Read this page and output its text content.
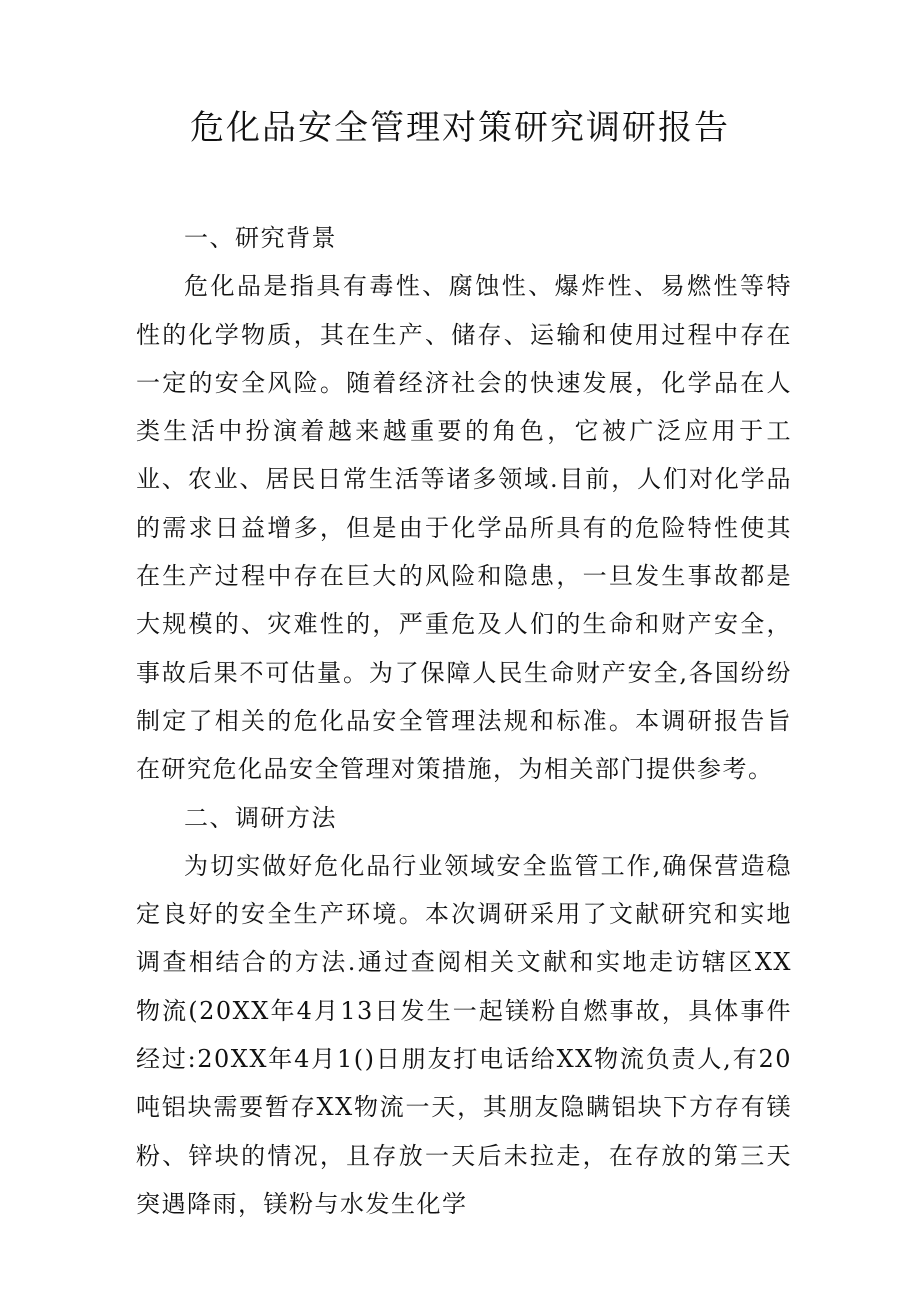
危化品安全管理对策研究调研报告
一、研究背景

危化品是指具有毒性、腐蚀性、爆炸性、易燃性等特性的化学物质，其在生产、储存、运输和使用过程中存在一定的安全风险。随着经济社会的快速发展，化学品在人类生活中扮演着越来越重要的角色，它被广泛应用于工业、农业、居民日常生活等诸多领域.目前，人们对化学品的需求日益增多，但是由于化学品所具有的危险特性使其在生产过程中存在巨大的风险和隐患，一旦发生事故都是大规模的、灾难性的，严重危及人们的生命和财产安全，事故后果不可估量。为了保障人民生命财产安全,各国纷纷制定了相关的危化品安全管理法规和标准。本调研报告旨在研究危化品安全管理对策措施，为相关部门提供参考。

二、调研方法

为切实做好危化品行业领域安全监管工作,确保营造稳定良好的安全生产环境。本次调研采用了文献研究和实地调查相结合的方法.通过查阅相关文献和实地走访辖区XX物流(20XX年4月13日发生一起镁粉自燃事故，具体事件经过:20XX年4月1()日朋友打电话给XX物流负责人,有20吨铝块需要暂存XX物流一天，其朋友隐瞒铝块下方存有镁粉、锌块的情况，且存放一天后未拉走，在存放的第三天突遇降雨，镁粉与水发生化学
